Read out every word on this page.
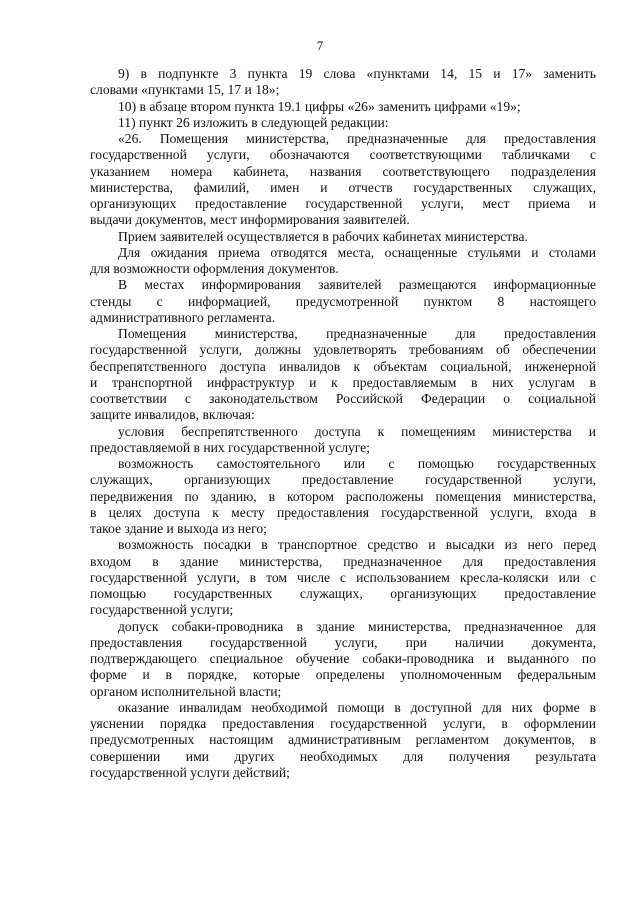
7
9) в подпункте 3 пункта 19 слова «пунктами 14, 15 и 17» заменить
словами «пунктами 15, 17 и 18»;
10) в абзаце втором пункта 19.1 цифры «26» заменить цифрами «19»;
11) пункт 26 изложить в следующей редакции:
«26. Помещения министерства, предназначенные для предоставления
государственной услуги, обозначаются соответствующими табличками с
указанием номера кабинета, названия соответствующего подразделения
министерства, фамилий, имен и отчеств государственных служащих,
организующих предоставление государственной услуги, мест приема и
выдачи документов, мест информирования заявителей.
Прием заявителей осуществляется в рабочих кабинетах министерства.
Для ожидания приема отводятся места, оснащенные стульями и столами
для возможности оформления документов.
В местах информирования заявителей размещаются информационные
стенды с информацией, предусмотренной пунктом 8 настоящего
административного регламента.
Помещения министерства, предназначенные для предоставления
государственной услуги, должны удовлетворять требованиям об обеспечении
беспрепятственного доступа инвалидов к объектам социальной, инженерной
и транспортной инфраструктур и к предоставляемым в них услугам в
соответствии с законодательством Российской Федерации о социальной
защите инвалидов, включая:
условия беспрепятственного доступа к помещениям министерства и
предоставляемой в них государственной услуге;
возможность самостоятельного или с помощью государственных
служащих, организующих предоставление государственной услуги,
передвижения по зданию, в котором расположены помещения министерства,
в целях доступа к месту предоставления государственной услуги, входа в
такое здание и выхода из него;
возможность посадки в транспортное средство и высадки из него перед
входом в здание министерства, предназначенное для предоставления
государственной услуги, в том числе с использованием кресла-коляски или с
помощью государственных служащих, организующих предоставление
государственной услуги;
допуск собаки-проводника в здание министерства, предназначенное для
предоставления государственной услуги, при наличии документа,
подтверждающего специальное обучение собаки-проводника и выданного по
форме и в порядке, которые определены уполномоченным федеральным
органом исполнительной власти;
оказание инвалидам необходимой помощи в доступной для них форме в
уяснении порядка предоставления государственной услуги, в оформлении
предусмотренных настоящим административным регламентом документов, в
совершении ими других необходимых для получения результата
государственной услуги действий;
